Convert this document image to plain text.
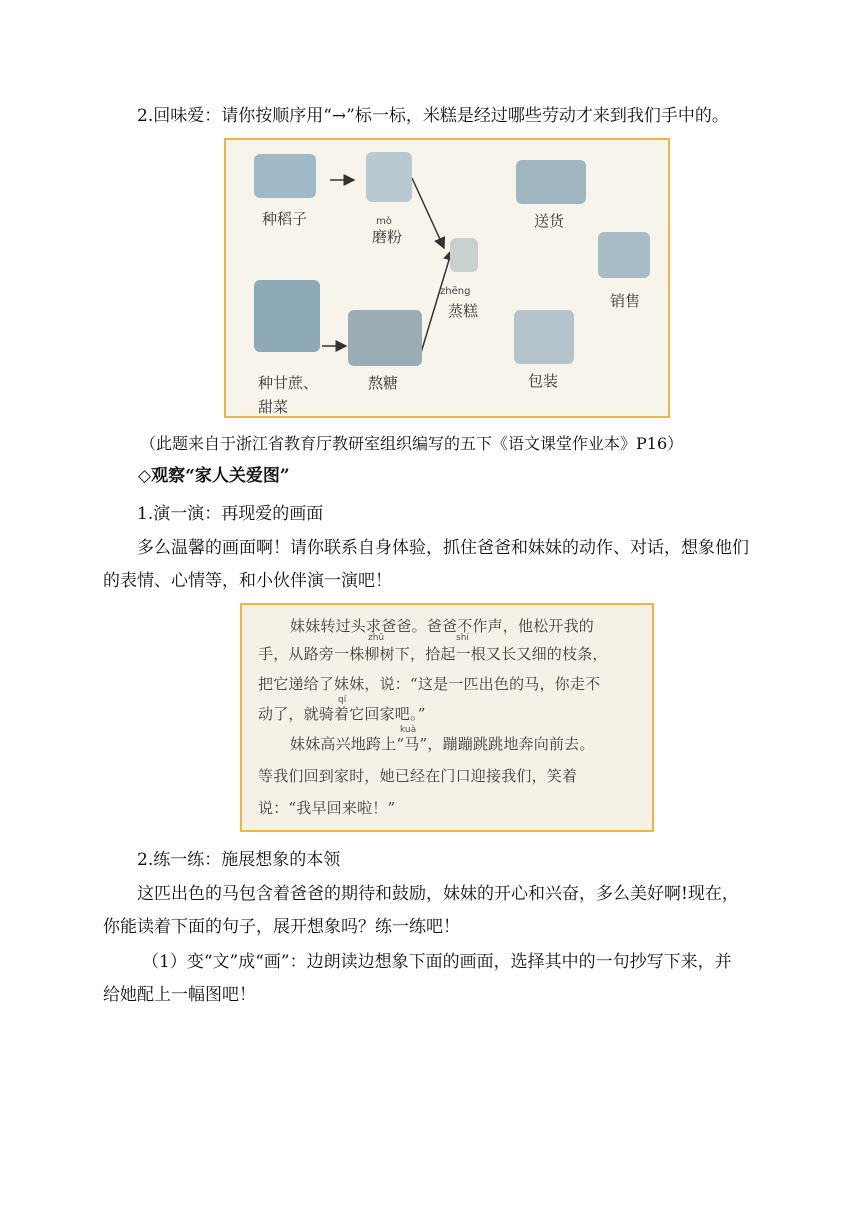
2.回味爱：请你按顺序用“→”标一标，米糕是经过哪些劳动才来到我们手中的。
种稻子	mò
磨粉
zhēng
蒸糕
送货
销售
种甘蔗、
甜菜
熬糖	包装
（此题来自于浙江省教育厅教研室组织编写的五下《语文课堂作业本》P16）
◇观察“家人关爱图”
1.演一演：再现爱的画面
多么温馨的画面啊！请你联系自身体验，抓住爸爸和妹妹的动作、对话，想象他们
的表情、心情等，和小伙伴演一演吧！
妹妹转过头求爸爸。爸爸不作声，他松开我的
zhū	shí
手，从路旁一株柳树下，拾起一根又长又细的枝条，
把它递给了妹妹，说：“这是一匹出色的马，你走不
qí
动了，就骑着它回家吧。”
kuà
妹妹高兴地跨上“马”，蹦蹦跳跳地奔向前去。
等我们回到家时，她已经在门口迎接我们，笑着
说：“我早回来啦！”
2.练一练：施展想象的本领
这匹出色的马包含着爸爸的期待和鼓励，妹妹的开心和兴奋，多么美好啊!现在，
你能读着下面的句子，展开想象吗？练一练吧！
（1）变“文”成“画”：边朗读边想象下面的画面，选择其中的一句抄写下来，并
给她配上一幅图吧！
